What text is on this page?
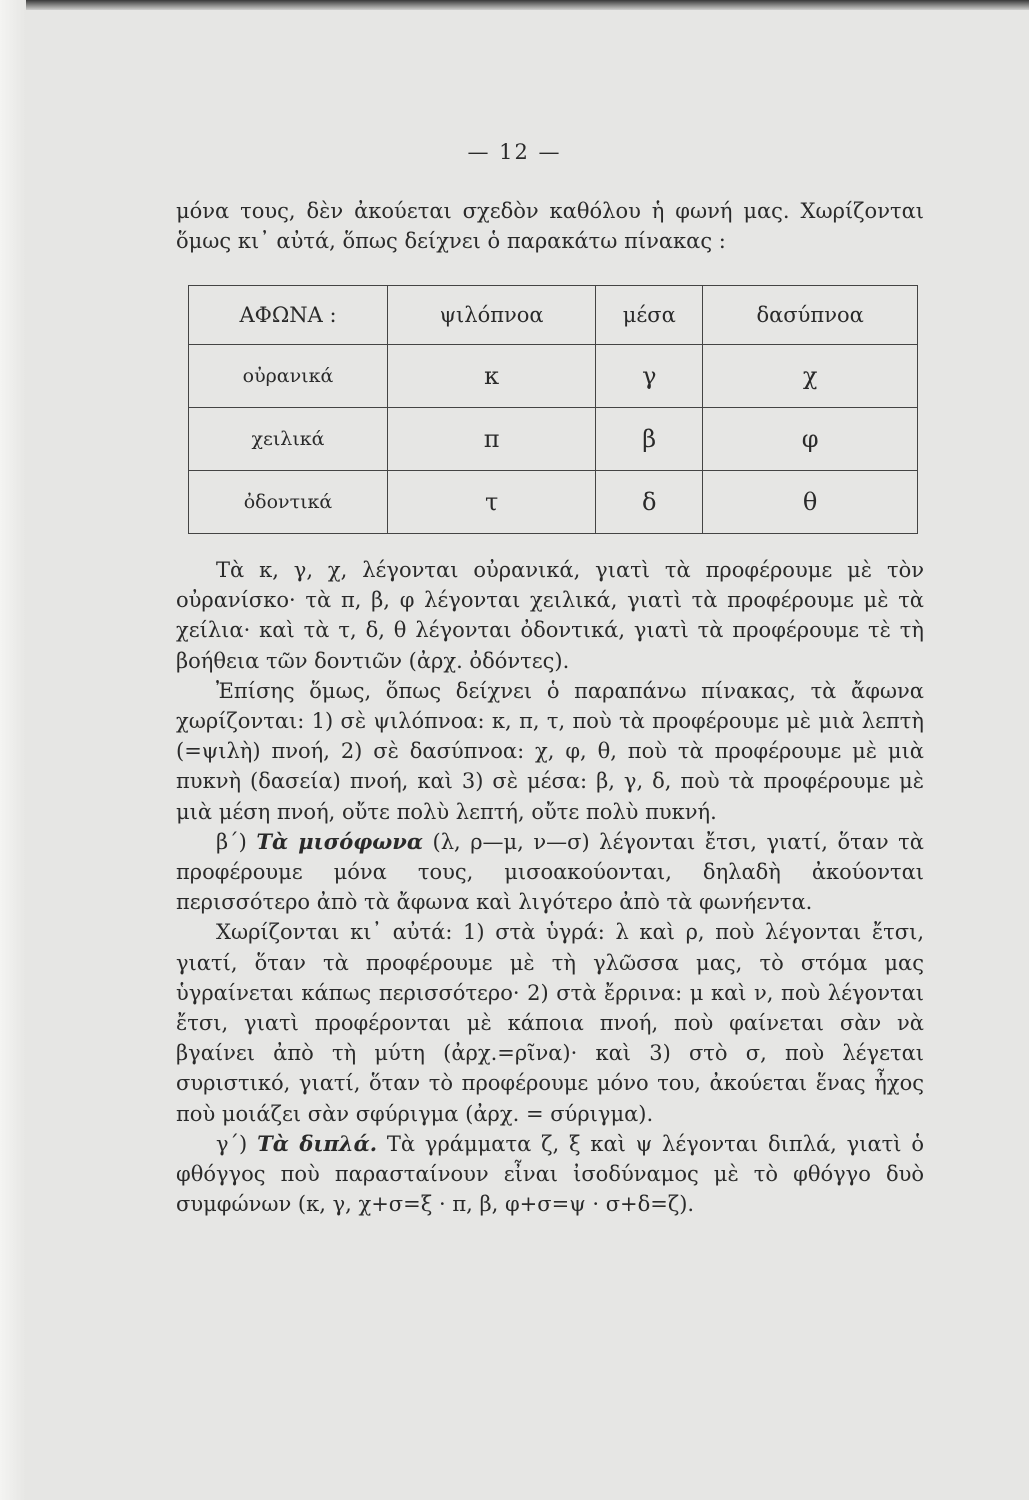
— 12 —

μόνα τους, δὲν ἀκούεται σχεδὸν καθόλου ἡ φωνή μας. Χωρίζονται ὅμως κι᾿ αὐτά, ὅπως δείχνει ὁ παρακάτω πίνακας :

ΑΦΩΝΑ :	ψιλόπνοα	μέσα	δασύπνοα
οὐρανικά	κ	γ	χ
χειλικά	π	β	φ
ὀδοντικά	τ	δ	θ

Τὰ κ, γ, χ, λέγονται οὐρανικά, γιατὶ τὰ προφέρουμε μὲ τὸν οὐρανίσκο· τὰ π, β, φ λέγονται χειλικά, γιατὶ τὰ προφέρουμε μὲ τὰ χείλια· καὶ τὰ τ, δ, θ λέγονται ὀδοντικά, γιατὶ τὰ προφέρουμε τὲ τὴ βοήθεια τῶν δοντιῶν (ἀρχ. ὀδόντες).

Ἐπίσης ὅμως, ὅπως δείχνει ὁ παραπάνω πίνακας, τὰ ἄφωνα χωρίζονται: 1) σὲ ψιλόπνοα: κ, π, τ, ποὺ τὰ προφέρουμε μὲ μιὰ λεπτὴ (=ψιλὴ) πνοή, 2) σὲ δασύπνοα: χ, φ, θ, ποὺ τὰ προφέρουμε μὲ μιὰ πυκνὴ (δασεία) πνοή, καὶ 3) σὲ μέσα: β, γ, δ, ποὺ τὰ προφέρουμε μὲ μιὰ μέση πνοή, οὔτε πολὺ λεπτή, οὔτε πολὺ πυκνή.

β΄) Τὰ μισόφωνα (λ, ρ—μ, ν—σ) λέγονται ἔτσι, γιατί, ὅταν τὰ προφέρουμε μόνα τους, μισοακούονται, δηλαδὴ ἀκούονται περισσότερο ἀπὸ τὰ ἄφωνα καὶ λιγότερο ἀπὸ τὰ φωνήεντα.

Χωρίζονται κι᾿ αὐτά: 1) στὰ ὑγρά: λ καὶ ρ, ποὺ λέγονται ἔτσι, γιατί, ὅταν τὰ προφέρουμε μὲ τὴ γλῶσσα μας, τὸ στόμα μας ὑγραίνεται κάπως περισσότερο· 2) στὰ ἔρρινα: μ καὶ ν, ποὺ λέγονται ἔτσι, γιατὶ προφέρονται μὲ κάποια πνοή, ποὺ φαίνεται σὰν νὰ βγαίνει ἀπὸ τὴ μύτη (ἀρχ.=ρῖνα)· καὶ 3) στὸ σ, ποὺ λέγεται συριστικό, γιατί, ὅταν τὸ προφέρουμε μόνο του, ἀκούεται ἕνας ἦχος ποὺ μοιάζει σὰν σφύριγμα (ἀρχ. = σύριγμα).

γ΄) Τὰ διπλά. Τὰ γράμματα ζ, ξ καὶ ψ λέγονται διπλά, γιατὶ ὁ φθόγγος ποὺ παρασταίνουν εἶναι ἰσοδύναμος μὲ τὸ φθόγγο δυὸ συμφώνων (κ, γ, χ+σ=ξ · π, β, φ+σ=ψ · σ+δ=ζ).
